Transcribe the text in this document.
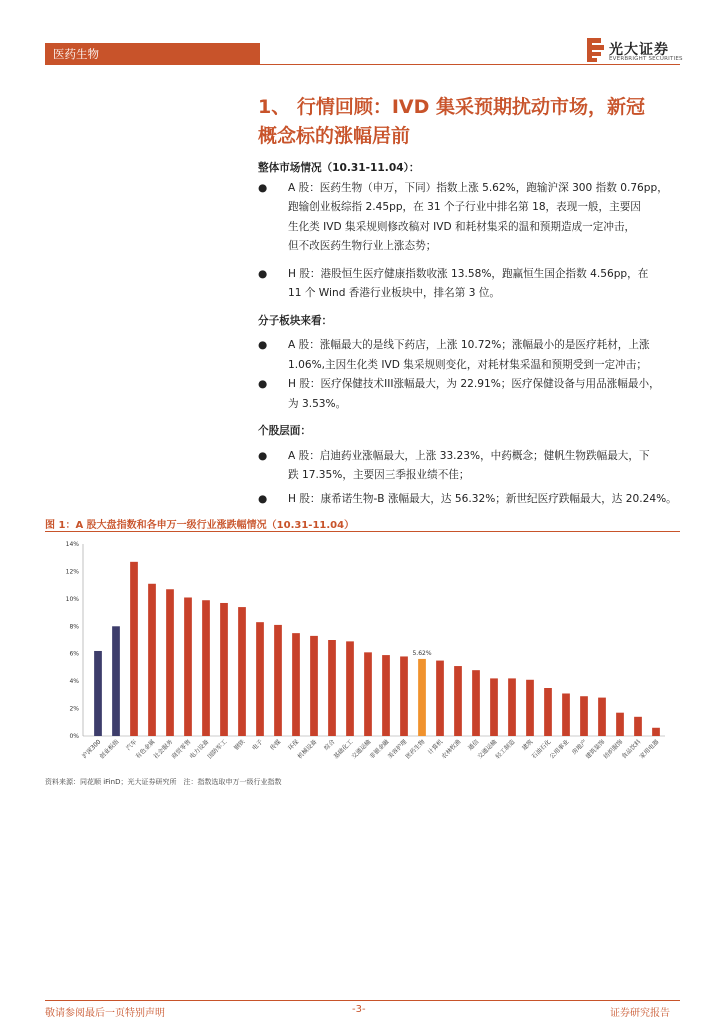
医药生物	光大证券
EVERBRIGHT SECURITIES
1、 行情回顾：IVD 集采预期扰动市场，新冠
概念标的涨幅居前

整体市场情况（10.31-11.04）：

● A 股：医药生物（申万，下同）指数上涨 5.62%，跑输沪深 300 指数 0.76pp，
跑输创业板综指 2.45pp，在 31 个子行业中排名第 18，表现一般，主要因
生化类 IVD 集采规则修改稿对 IVD 和耗材集采的温和预期造成一定冲击，
但不改医药生物行业上涨态势；
● H 股：港股恒生医疗健康指数收涨 13.58%，跑赢恒生国企指数 4.56pp，在
11 个 Wind 香港行业板块中，排名第 3 位。

分子板块来看：

● A 股：涨幅最大的是线下药店，上涨 10.72%；涨幅最小的是医疗耗材，上涨
1.06%,主因生化类 IVD 集采规则变化，对耗材集采温和预期受到一定冲击；
● H 股：医疗保健技术III涨幅最大，为 22.91%；医疗保健设备与用品涨幅最小，
为 3.53%。

个股层面：

● A 股：启迪药业涨幅最大，上涨 33.23%，中药概念；健帆生物跌幅最大，下
跌 17.35%，主要因三季报业绩不佳；
● H 股：康希诺生物-B 涨幅最大，达 56.32%；新世纪医疗跌幅最大，达 20.24%。
图 1：A 股大盘指数和各申万一级行业涨跌幅情况（10.31-11.04）
0%
2%
4%
6%
8%
10%
12%
14%
沪深300
创业板指 汽车
有色金属
社会服务
商贸零售
电力设备
国防军工 钢铁 电子 传媒 环保
机械设备 综合
基础化工
交通运输
非银金融
美容护理
5.62%
医药生物 计算机
农林牧渔 通信
交通运输
轻工制造 建筑
石油石化
公用事业 房地产
建筑装饰
纺织服饰
食品饮料
家用电器
资料来源：同花顺 iFinD；光大证券研究所　注：指数选取申万一级行业指数
敬请参阅最后一页特别声明	-3-	证券研究报告
